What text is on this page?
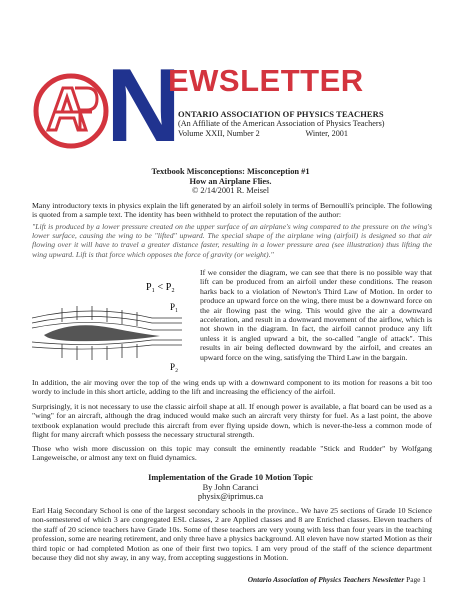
N
EWSLETTER
ONTARIO ASSOCIATION OF PHYSICS TEACHERS
(An Affiliate of the American Association of Physics Teachers)
Volume XXII, Number 2	Winter, 2001
Textbook Misconceptions: Misconception #1
How an Airplane Flies.
© 2/14/2001 R. Meisel

Many introductory texts in physics explain the lift generated by an airfoil solely in terms of Bernoulli's principle. The following is quoted from a sample text. The identity has been withheld to protect the reputation of the author:

"Lift is produced by a lower pressure created on the upper surface of an airplane's wing compared to the pressure on the wing's lower surface, causing the wing to be "lifted" upward. The special shape of the airplane wing (airfoil) is designed so that air flowing over it will have to travel a greater distance faster, resulting in a lower pressure area (see illustration) thus lifting the wing upward. Lift is that force which opposes the force of gravity (or weight)."

P₁ < P₂
P₁
P₂

If we consider the diagram, we can see that there is no possible way that lift can be produced from an airfoil under these conditions. The reason harks back to a violation of Newton's Third Law of Motion. In order to produce an upward force on the wing, there must be a downward force on the air flowing past the wing. This would give the air a downward acceleration, and result in a downward movement of the airflow, which is not shown in the diagram. In fact, the airfoil cannot produce any lift unless it is angled upward a bit, the so-called "angle of attack". This results in air being deflected downward by the airfoil, and creates an upward force on the wing, satisfying the Third Law in the bargain.

In addition, the air moving over the top of the wing ends up with a downward component to its motion for reasons a bit too wordy to include in this short article, adding to the lift and increasing the efficiency of the airfoil.

Surprisingly, it is not necessary to use the classic airfoil shape at all. If enough power is available, a flat board can be used as a "wing" for an aircraft, although the drag induced would make such an aircraft very thirsty for fuel. As a last point, the above textbook explanation would preclude this aircraft from ever flying upside down, which is never-the-less a common mode of flight for many aircraft which possess the necessary structural strength.

Those who wish more discussion on this topic may consult the eminently readable "Stick and Rudder" by Wolfgang Langeweische, or almost any text on fluid dynamics.

Implementation of the Grade 10 Motion Topic
By John Caranci
physix@iprimus.ca

Earl Haig Secondary School is one of the largest secondary schools in the province.. We have 25 sections of Grade 10 Science non-semestered of which 3 are congregated ESL classes, 2 are Applied classes and 8 are Enriched classes. Eleven teachers of the staff of 20 science teachers have Grade 10s. Some of these teachers are very young with less than four years in the teaching profession, some are nearing retirement, and only three have a physics background. All eleven have now started Motion as their third topic or had completed Motion as one of their first two topics. I am very proud of the staff of the science department because they did not shy away, in any way, from accepting suggestions in Motion.

Ontario Association of Physics Teachers Newsletter Page 1
